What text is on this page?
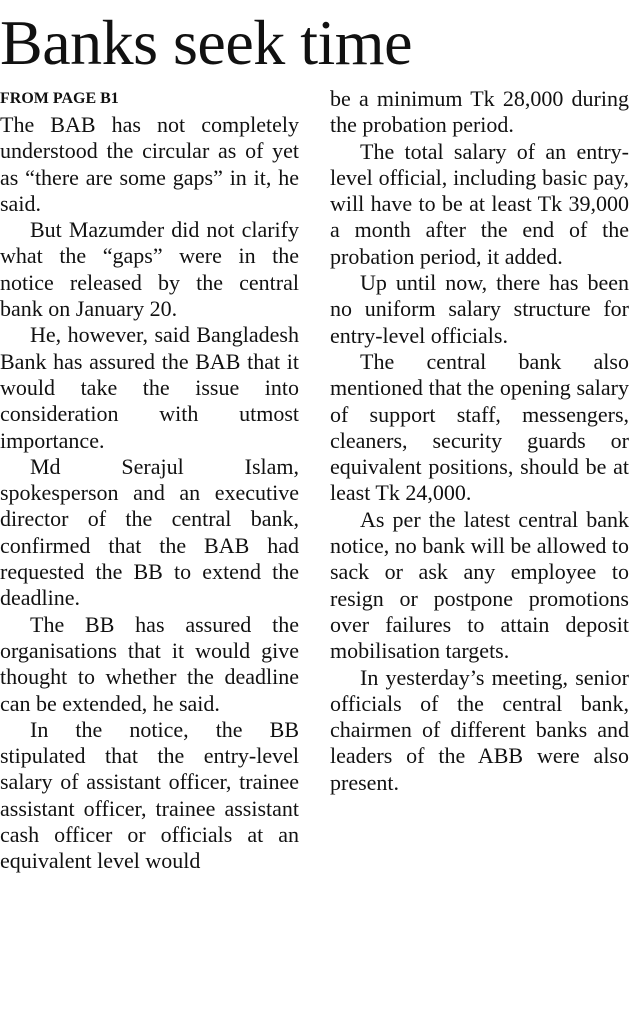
Banks seek time
FROM PAGE B1

The BAB has not completely understood the circular as of yet as “there are some gaps” in it, he said.

But Mazumder did not clarify what the “gaps” were in the notice released by the central bank on January 20.

He, however, said Bangladesh Bank has assured the BAB that it would take the issue into consideration with utmost importance.

Md Serajul Islam, spokesperson and an executive director of the central bank, confirmed that the BAB had requested the BB to extend the deadline.

The BB has assured the organisations that it would give thought to whether the deadline can be extended, he said.

In the notice, the BB stipulated that the entry-level salary of assistant officer, trainee assistant officer, trainee assistant cash officer or officials at an equivalent level would

be a minimum Tk 28,000 during the probation period.

The total salary of an entry-level official, including basic pay, will have to be at least Tk 39,000 a month after the end of the probation period, it added.

Up until now, there has been no uniform salary structure for entry-level officials.

The central bank also mentioned that the opening salary of support staff, messengers, cleaners, security guards or equivalent positions, should be at least Tk 24,000.

As per the latest central bank notice, no bank will be allowed to sack or ask any employee to resign or postpone promotions over failures to attain deposit mobilisation targets.

In yesterday’s meeting, senior officials of the central bank, chairmen of different banks and leaders of the ABB were also present.
